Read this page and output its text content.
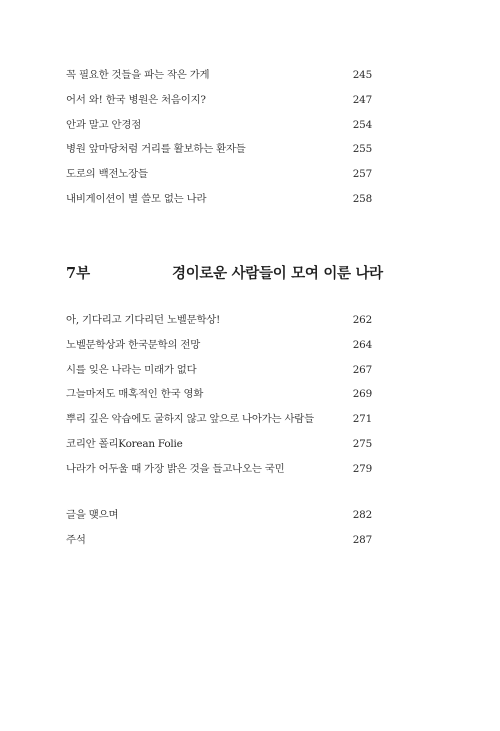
꼭 필요한 것들을 파는 작은 가게	245
어서 와! 한국 병원은 처음이지?	247
안과 말고 안경점	254
병원 앞마당처럼 거리를 활보하는 환자들	255
도로의 백전노장들	257
내비게이션이 별 쓸모 없는 나라	258
7부	경이로운 사람들이 모여 이룬 나라
아, 기다리고 기다리던 노벨문학상!	262
노벨문학상과 한국문학의 전망	264
시를 잊은 나라는 미래가 없다	267
그늘마저도 매혹적인 한국 영화	269
뿌리 깊은 악습에도 굴하지 않고 앞으로 나아가는 사람들	271
코리안 폴리Korean Folie	275
나라가 어두울 때 가장 밝은 것을 들고나오는 국민	279
글을 맺으며	282
주석	287
